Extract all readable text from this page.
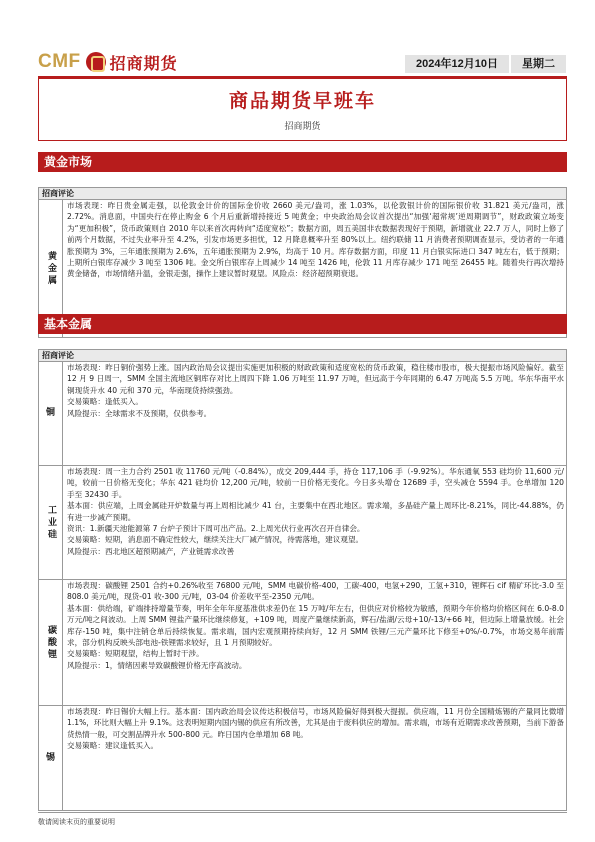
CMF 招商期货	2024年12月10日	星期二
商品期货早班车
招商期货
黄金市场
招商评论
黄金属

市场表现：昨日贵金属走强，以伦敦金计价的国际金价收 2660 美元/盎司，涨 1.03%，以伦敦银计价的国际银价收 31.821 美元/盎司，涨 2.72%。消息面，中国央行在停止购金 6 个月后重新增持接近 5 吨黄金；中央政治局会议首次提出“加强‘超常规’逆周期调节”，财政政策立场变为“更加积极”，货币政策则自 2010 年以来首次再转向“适度宽松”；数据方面，周五美国非农数据表现好于预期，新增就业 22.7 万人，同时上修了前两个月数据，不过失业率升至 4.2%，引发市场更多担忧，12 月降息概率升至 80%以上。纽约联储 11 月消费者预期调查显示，受访者的一年通胀预期为 3%，三年通胀预期为 2.6%，五年通胀预期为 2.9%，均高于 10 月。库存数据方面，印度 11 月白银实际进口 347 吨左右，低于预期；上期所白银库存减少 3 吨至 1306 吨。金交所白银库存上周减少 14 吨至 1426 吨，伦敦 11 月库存减少 171 吨至 26455 吨。随着央行再次增持黄金储备，市场情绪升温，金银走强，操作上建议暂时观望。风险点：经济超预期衰退。

基本金属
招商评论
铜

市场表现：昨日铜价强势上涨。国内政治局会议提出实施更加积极的财政政策和适度宽松的货币政策，稳住楼市股市，极大提振市场风险偏好。截至 12 月 9 日周一，SMM 全国主流地区铜库存对比上周四下降 1.06 万吨至 11.97 万吨，但远高于今年同期的 6.47 万吨高 5.5 万吨。华东华南平水铜现货升水 40 元和 370 元，华南现货持续强劲。

交易策略：逢低买入。

风险提示：全球需求不及预期，仅供参考。

工业硅

市场表现：周一主力合约 2501 收 11760 元/吨（-0.84%），成交 209,444 手，持仓 117,106 手（-9.92%）。华东通氧 553 硅均价 11,600 元/吨，较前一日价格无变化；华东 421 硅均价 12,200 元/吨，较前一日价格无变化。今日多头增仓 12689 手，空头减仓 5594 手。仓单增加 120 手至 32430 手。

基本面：供应端，上周金属硅开炉数量与再上周相比减少 41 台，主要集中在西北地区。需求端，多晶硅产量上周环比-8.21%，同比-44.88%，仍有进一步减产预期。

资讯：1.新疆天池能源第 7 台炉子预计下周可出产品。2.上周光伏行业再次召开自律会。

交易策略：短期，消息面不确定性较大，继续关注大厂减产情况，待需落地，建议观望。

风险提示：西北地区超预期减产，产业链需求改善

碳酸锂

市场表现：碳酸锂 2501 合约+0.26%收至 76800 元/吨，SMM 电碳价格-400，工碳-400，电氢+290，工氢+310，锂辉石 cif 精矿环比-3.0 至 808.0 美元/吨，现货-01 收-300 元/吨，03-04 价差收平至-2350 元/吨。

基本面：供给端，矿端排持增量节奏，明年全年年度基准供求差仍在 15 万吨/年左右，但供应对价格较为敏感，预期今年价格均价格区间在 6.0-8.0 万元/吨之间波动。上周 SMM 锂盐产量环比继续修复，+109 吨，周度产量继续新高，辉石/盐湖/云母+10/-13/+66 吨，但边际上增量放缓。社会库存-150 吨，集中注销仓单后持续恢复。需求端，国内宏观预期持续向好，12 月 SMM 铁锂/三元产量环比下修至+0%/-0.7%，市场交易年前需求，部分机构反映头部电池-铁锂需求较好，且 1 月预期较好。

交易策略：短期观望，结构上暂时干涉。

风险提示：1，情绪因素导致碳酸锂价格无序高波动。

锡

市场表现：昨日锡价大幅上行。基本面：国内政治局会议传达积极信号，市场风险偏好得到极大提振。供应端，11 月份全国精炼锡的产量同比微增 1.1%，环比则大幅上升 9.1%。这表明短期内国内锡的供应有所改善，尤其是由于废料供应的增加。需求端，市场有近期需求改善预期，当前下游备货热情一般，可交割品牌升水 500-800 元。昨日国内仓单增加 68 吨。

交易策略：建议逢低买入。

敬请阅读末页的重要说明
